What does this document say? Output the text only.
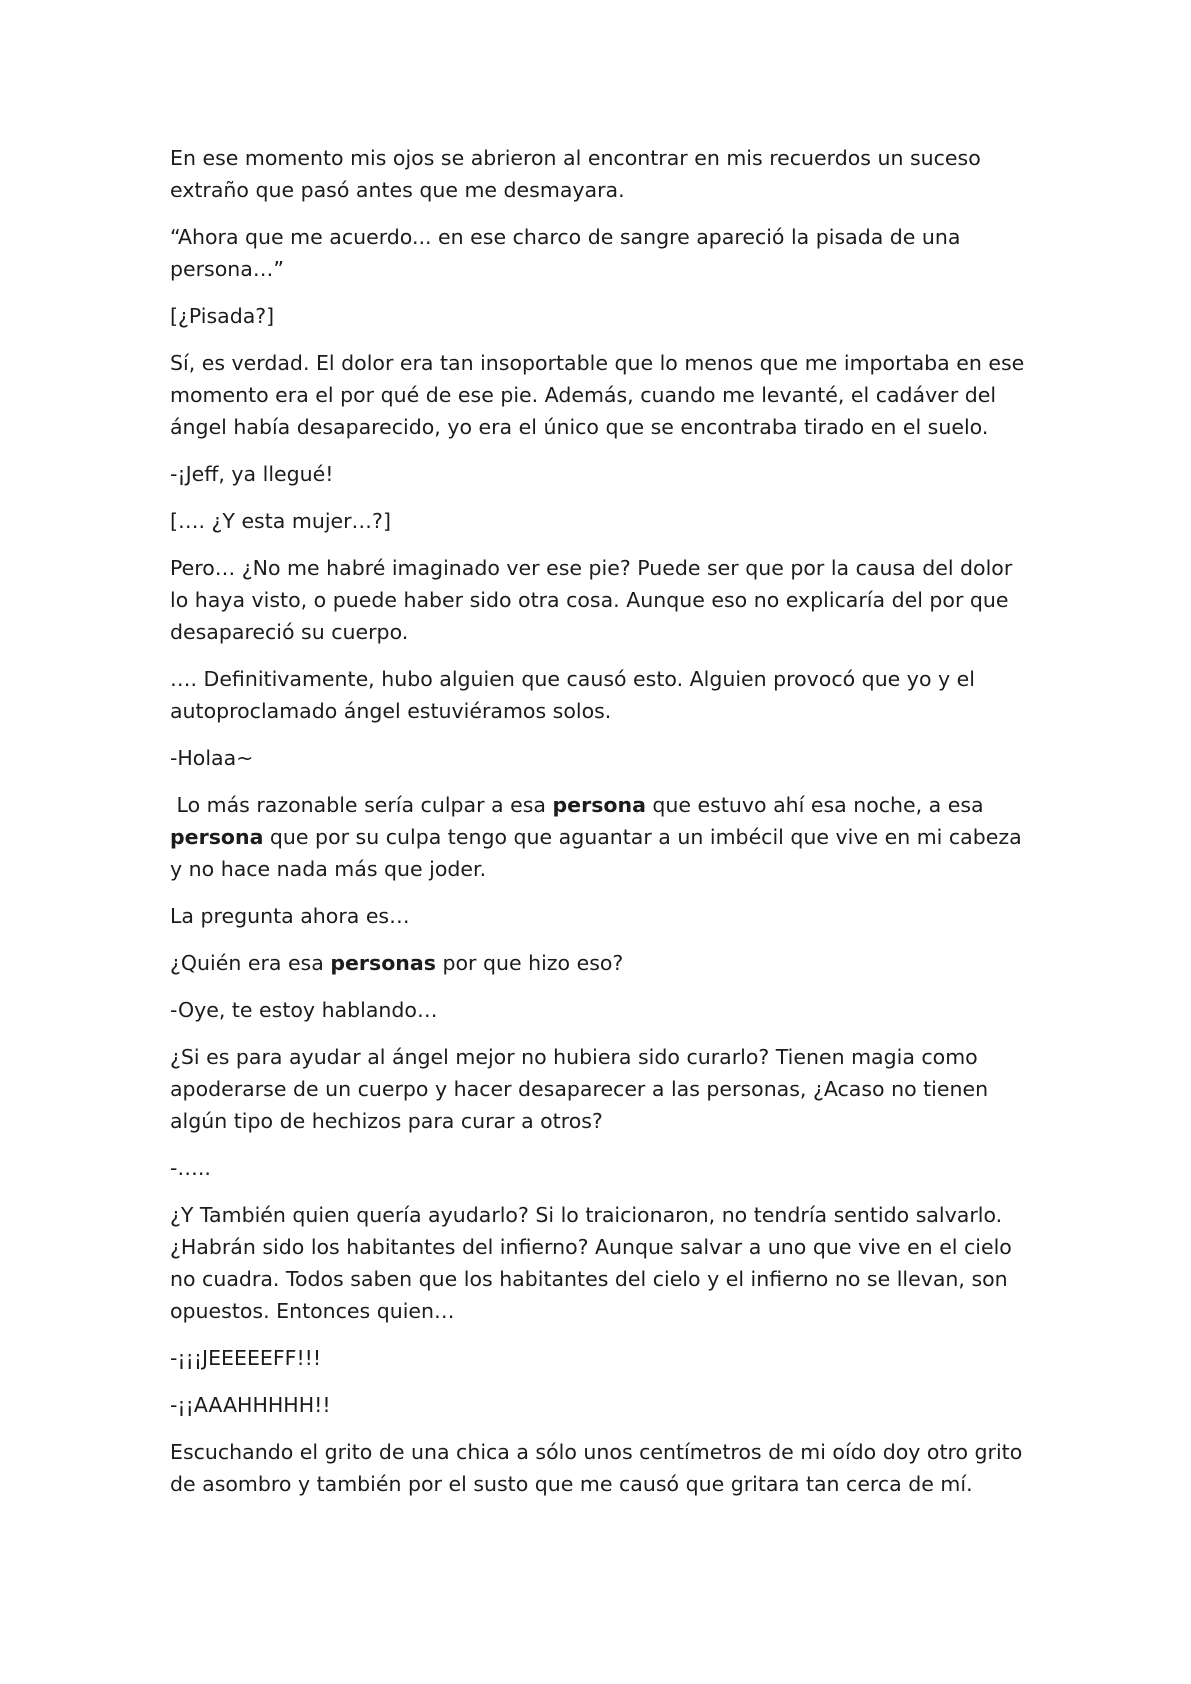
En ese momento mis ojos se abrieron al encontrar en mis recuerdos un suceso extraño que pasó antes que me desmayara.

“Ahora que me acuerdo... en ese charco de sangre apareció la pisada de una persona…”

[¿Pisada?]

Sí, es verdad. El dolor era tan insoportable que lo menos que me importaba en ese momento era el por qué de ese pie. Además, cuando me levanté, el cadáver del ángel había desaparecido, yo era el único que se encontraba tirado en el suelo.

-¡Jeff, ya llegué!

[…. ¿Y esta mujer…?]

Pero… ¿No me habré imaginado ver ese pie? Puede ser que por la causa del dolor lo haya visto, o puede haber sido otra cosa. Aunque eso no explicaría del por que desapareció su cuerpo.

…. Definitivamente, hubo alguien que causó esto. Alguien provocó que yo y el autoproclamado ángel estuviéramos solos.

-Holaa~

Lo más razonable sería culpar a esa persona que estuvo ahí esa noche, a esa persona que por su culpa tengo que aguantar a un imbécil que vive en mi cabeza y no hace nada más que joder.

La pregunta ahora es…

¿Quién era esa personas por que hizo eso?

-Oye, te estoy hablando…

¿Si es para ayudar al ángel mejor no hubiera sido curarlo? Tienen magia como apoderarse de un cuerpo y hacer desaparecer a las personas, ¿Acaso no tienen algún tipo de hechizos para curar a otros?

-…..

¿Y También quien quería ayudarlo? Si lo traicionaron, no tendría sentido salvarlo. ¿Habrán sido los habitantes del infierno? Aunque salvar a uno que vive en el cielo no cuadra. Todos saben que los habitantes del cielo y el infierno no se llevan, son opuestos. Entonces quien…

-¡¡¡JEEEEEFF!!!

-¡¡AAAHHHHH!!

Escuchando el grito de una chica a sólo unos centímetros de mi oído doy otro grito de asombro y también por el susto que me causó que gritara tan cerca de mí.
